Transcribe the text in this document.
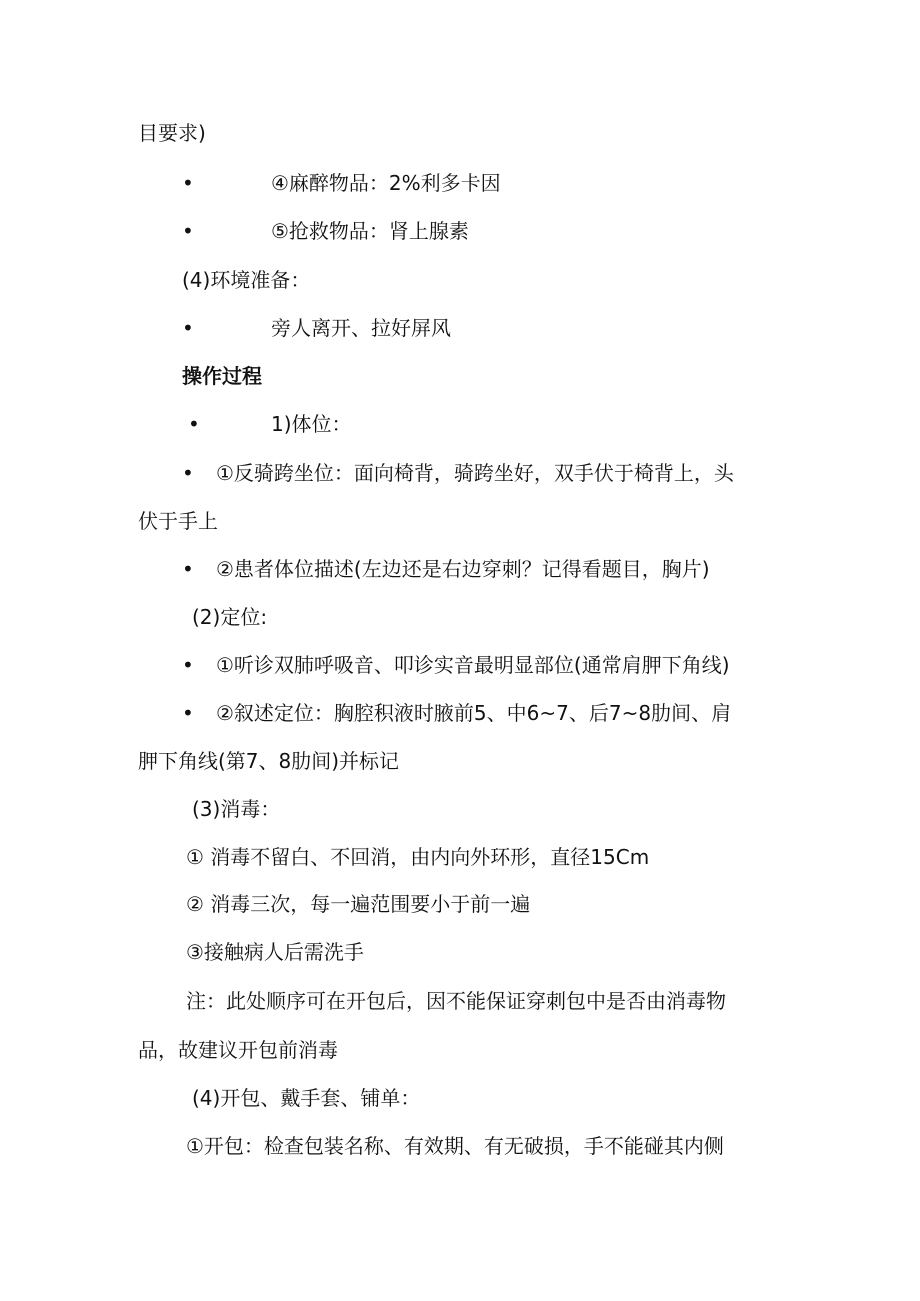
目要求)
•	④麻醉物品：2%利多卡因
•	⑤抢救物品：肾上腺素
(4)环境准备：
•	旁人离开、拉好屏风
操作过程
•	1)体位：
• ①反骑跨坐位：面向椅背，骑跨坐好，双手伏于椅背上，头
伏于手上
• ②患者体位描述(左边还是右边穿刺？记得看题目，胸片)
(2)定位:
• ①听诊双肺呼吸音、叩诊实音最明显部位(通常肩胛下角线)
• ②叙述定位：胸腔积液时腋前5、中6~7、后7~8肋间、肩
胛下角线(第7、8肋间)并标记
(3)消毒：
① 消毒不留白、不回消，由内向外环形，直径15Cm
② 消毒三次，每一遍范围要小于前一遍
③接触病人后需洗手
注：此处顺序可在开包后，因不能保证穿刺包中是否由消毒物
品，故建议开包前消毒
(4)开包、戴手套、铺单：
①开包：检查包装名称、有效期、有无破损，手不能碰其内侧
